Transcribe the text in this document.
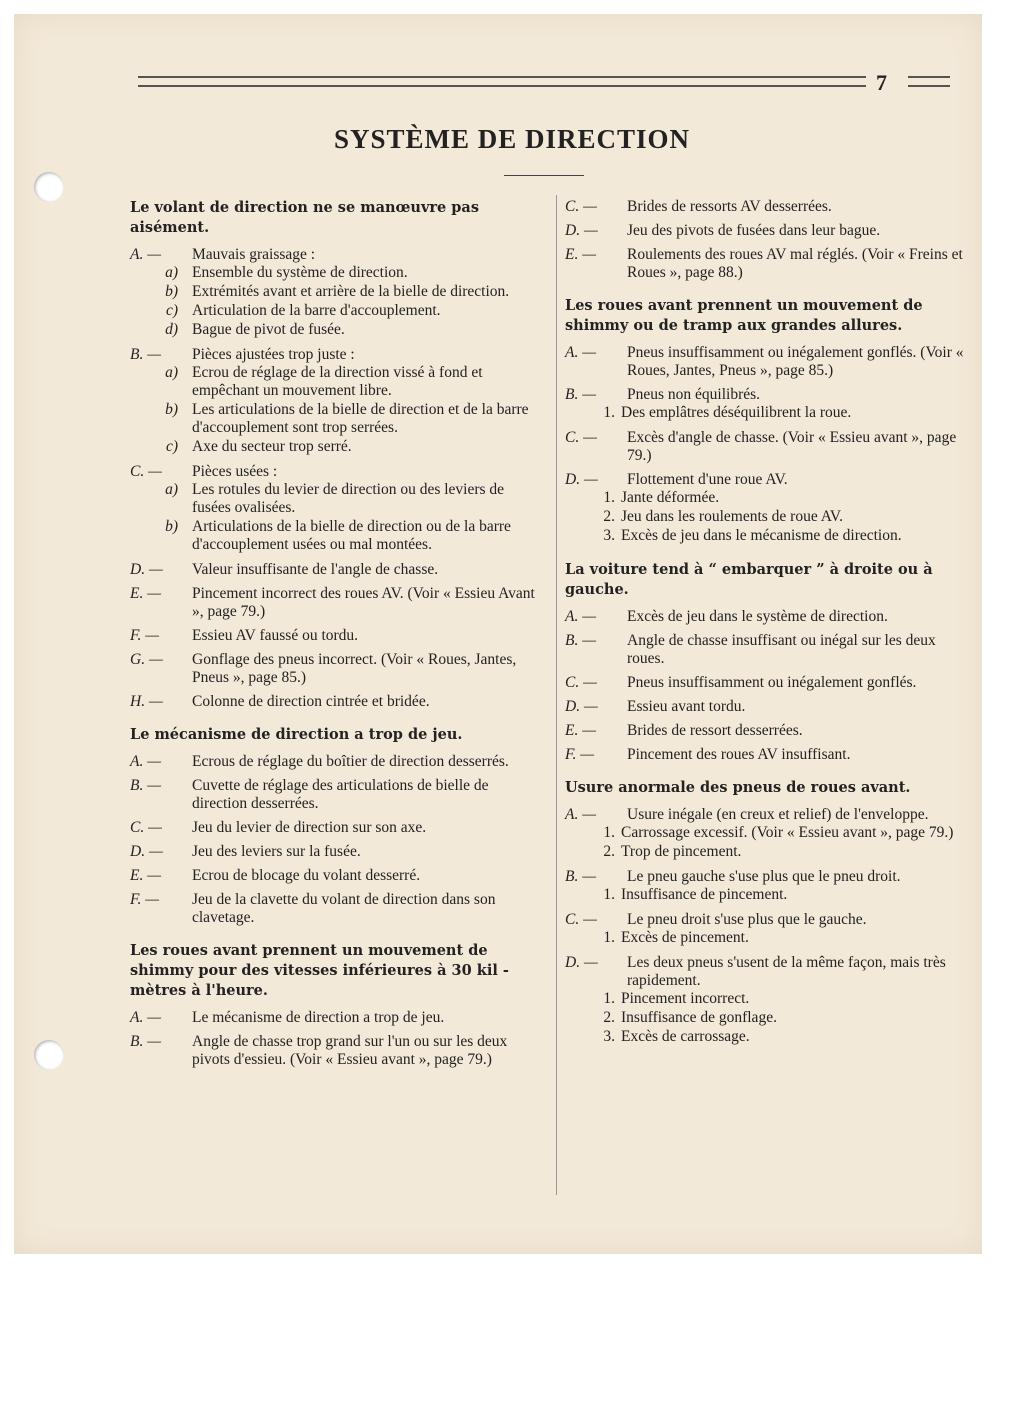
7
SYSTÈME DE DIRECTION
Le volant de direction ne se manœuvre pas aisément.
A. —	Mauvais graissage :
a) Ensemble du système de direction.
b) Extrémités avant et arrière de la bielle de direction.
c) Articulation de la barre d'accouplement.
d) Bague de pivot de fusée.
B. —	Pièces ajustées trop juste :
a) Ecrou de réglage de la direction vissé à fond et empêchant un mouvement libre.
b) Les articulations de la bielle de direction et de la barre d'accouplement sont trop serrées.
c) Axe du secteur trop serré.
C. —	Pièces usées :
a) Les rotules du levier de direction ou des leviers de fusées ovalisées.
b) Articulations de la bielle de direction ou de la barre d'accouplement usées ou mal montées.
D. —	Valeur insuffisante de l'angle de chasse.
E. —	Pincement incorrect des roues AV. (Voir « Essieu Avant », page 79.)
F. —	Essieu AV faussé ou tordu.
G. —	Gonflage des pneus incorrect. (Voir « Roues, Jantes, Pneus », page 85.)
H. —	Colonne de direction cintrée et bridée.
Le mécanisme de direction a trop de jeu.
A. —	Ecrous de réglage du boîtier de direction desserrés.
B. —	Cuvette de réglage des articulations de bielle de direction desserrées.
C. —	Jeu du levier de direction sur son axe.
D. —	Jeu des leviers sur la fusée.
E. —	Ecrou de blocage du volant desserré.
F. —	Jeu de la clavette du volant de direction dans son clavetage.
Les roues avant prennent un mouvement de shimmy pour des vitesses inférieures à 30 kil - mètres à l'heure.
A. —	Le mécanisme de direction a trop de jeu.
B. —	Angle de chasse trop grand sur l'un ou sur les deux pivots d'essieu. (Voir « Essieu avant », page 79.)
C. —	Brides de ressorts AV desserrées.
D. —	Jeu des pivots de fusées dans leur bague.
E. —	Roulements des roues AV mal réglés. (Voir « Freins et Roues », page 88.)
Les roues avant prennent un mouvement de shimmy ou de tramp aux grandes allures.
A. —	Pneus insuffisamment ou inégalement gonflés. (Voir « Roues, Jantes, Pneus », page 85.)
B. —	Pneus non équilibrés.
1. Des emplâtres déséquilibrent la roue.
C. —	Excès d'angle de chasse. (Voir « Essieu avant », page 79.)
D. —	Flottement d'une roue AV.
1. Jante déformée.
2. Jeu dans les roulements de roue AV.
3. Excès de jeu dans le mécanisme de direction.
La voiture tend à “ embarquer ” à droite ou à gauche.
A. —	Excès de jeu dans le système de direction.
B. —	Angle de chasse insuffisant ou inégal sur les deux roues.
C. —	Pneus insuffisamment ou inégalement gonflés.
D. —	Essieu avant tordu.
E. —	Brides de ressort desserrées.
F. —	Pincement des roues AV insuffisant.
Usure anormale des pneus de roues avant.
A. —	Usure inégale (en creux et relief) de l'enveloppe.
1. Carrossage excessif. (Voir « Essieu avant », page 79.)
2. Trop de pincement.
B. —	Le pneu gauche s'use plus que le pneu droit.
1. Insuffisance de pincement.
C. —	Le pneu droit s'use plus que le gauche.
1. Excès de pincement.
D. —	Les deux pneus s'usent de la même façon, mais très rapidement.
1. Pincement incorrect.
2. Insuffisance de gonflage.
3. Excès de carrossage.
